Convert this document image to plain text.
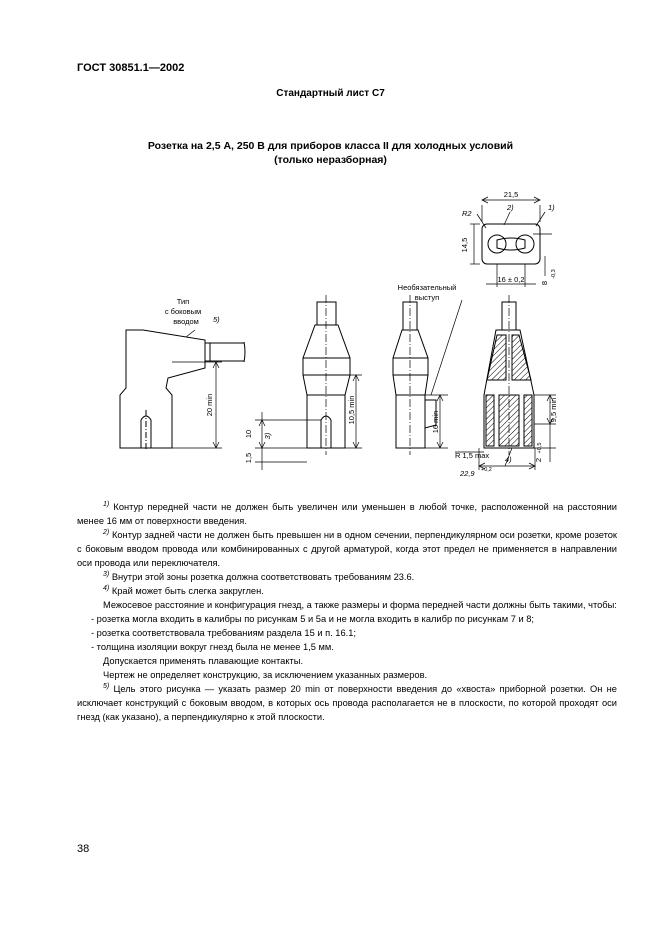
ГОСТ 30851.1—2002
Стандартный лист C7
Розетка на 2,5 A, 250 B для приборов класса II для холодных условий
(только неразборная)
Тип
с боковым
вводом 5)
20 min
10 3)
1,5
10,5 min
Необязательный
выступ
16 min
21,5
R2
2)	1)
14,5
16 ± 0,2 8
-0,3
9,5 min
R 1,5 max 4)
22,9 +0,2
2
+0,5

$^{1)}$ Контур передней части не должен быть увеличен или уменьшен в любой точке, расположенной на расстоянии менее 16 мм от поверхности введения.

$^{2)}$ Контур задней части не должен быть превышен ни в одном сечении, перпендикулярном оси розетки, кроме розеток с боковым вводом провода или комбинированных с другой арматурой, когда этот предел не применяется в направлении оси провода или переключателя.

$^{3)}$ Внутри этой зоны розетка должна соответствовать требованиям 23.6.

$^{4)}$ Край может быть слегка закруглен.

Межосевое расстояние и конфигурация гнезд, а также размеры и форма передней части должны быть такими, чтобы:

- розетка могла входить в калибры по рисункам 5 и 5а и не могла входить в калибр по рисункам 7 и 8;

- розетка соответствовала требованиям раздела 15 и п. 16.1;

- толщина изоляции вокруг гнезд была не менее 1,5 мм.

Допускается применять плавающие контакты.

Чертеж не определяет конструкцию, за исключением указанных размеров.

$^{5)}$ Цель этого рисунка — указать размер 20 min от поверхности введения до «хвоста» приборной розетки. Он не исключает конструкций с боковым вводом, в которых ось провода располагается не в плоскости, по которой проходят оси гнезд (как указано), а перпендикулярно к этой плоскости.

38
